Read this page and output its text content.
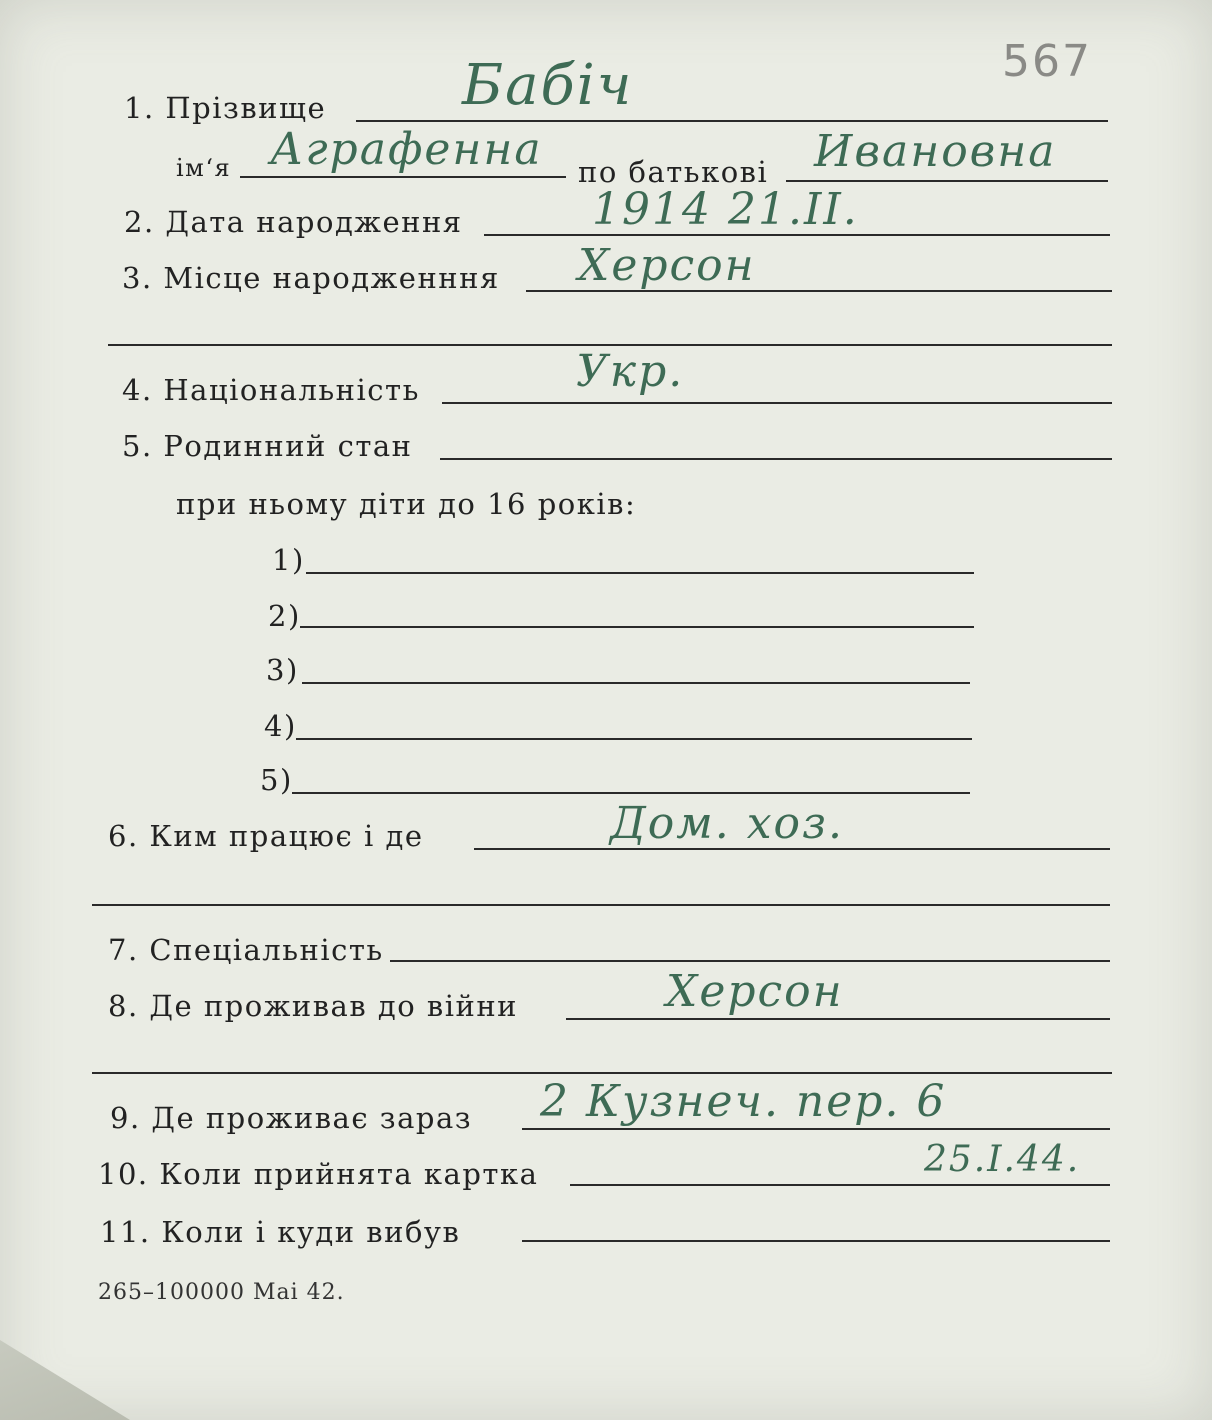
567
1. Прізвище Бабіч
ім‘я Аграфенна по батькові Ивановна
2. Дата народження	1914 21.II.
3. Місце народженння Херсон
4. Національність	Укр.
5. Родинний стан
при ньому діти до 16 років:
1)
2)
3)
4)
5)
6. Ким працює і де	Дом. хоз.
7. Спеціальність
8. Де проживав до війни	Херсон
9. Де проживає зараз 2 Кузнеч. пер. 6
10. Коли прийнята картка	25.I.44.
11. Коли і куди вибув
265–100000 Маі 42.
